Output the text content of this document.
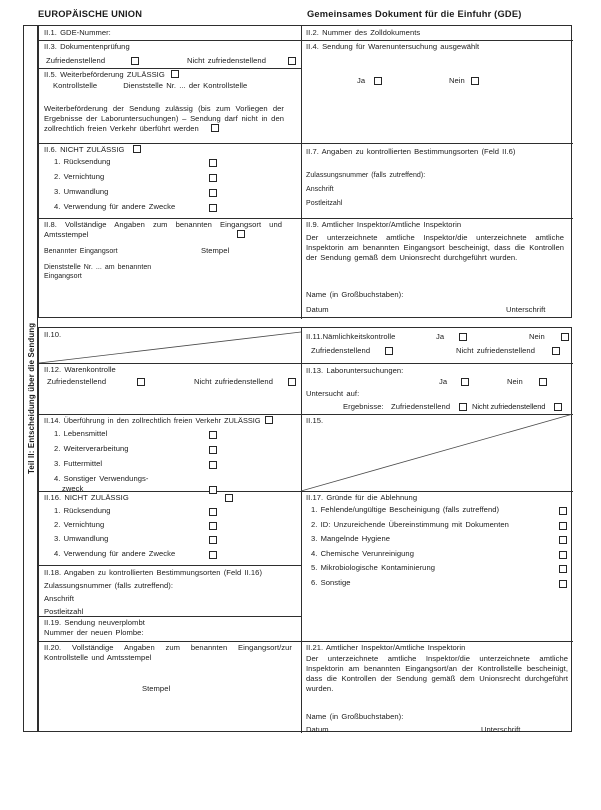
EUROPÄISCHE UNION	Gemeinsames Dokument für die Einfuhr (GDE)
Teil II: Entscheidung über die Sendung
II.1. GDE-Nummer:	II.2. Nummer des Zolldokuments
II.3. Dokumentenprüfung
Zufriedenstellend	Nicht zufriedenstellend
II.4. Sendung für Warenuntersuchung ausgewählt
Ja	Nein
II.5. Weiterbeförderung ZULÄSSIG
Kontrollstelle	Dienststelle Nr. ... der Kontrollstelle
Weiterbeförderung der Sendung zulässig (bis zum Vorliegen der Ergebnisse der Laboruntersuchungen) – Sendung darf nicht in den zollrechtlich freien Verkehr überführt werden
II.6. NICHT ZULÄSSIG
1. Rücksendung
2. Vernichtung
3. Umwandlung
4. Verwendung für andere Zwecke
II.7. Angaben zu kontrollierten Bestimmungsorten (Feld II.6)
Zulassungsnummer (falls zutreffend):
Anschrift
Postleitzahl
II.8. Vollständige Angaben zum benannten Eingangsort und Amtsstempel
Benannter Eingangsort	Stempel
Dienststelle Nr. ... am benannten
Eingangsort
II.9. Amtlicher Inspektor/Amtliche Inspektorin
Der unterzeichnete amtliche Inspektor/die unterzeichnete amtliche Inspektorin am benannten Eingangsort bescheinigt, dass die Kontrollen der Sendung gemäß dem Unionsrecht durchgeführt wurden.
Name (in Großbuchstaben):
Datum	Unterschrift
II.10.	II.11.Nämlichkeitskontrolle	Ja	Nein
Zufriedenstellend	Nicht zufriedenstellend
II.12. Warenkontrolle
Zufriedenstellend	Nicht zufriedenstellend
II.13. Laboruntersuchungen:
Ja	Nein
Untersucht auf:
Ergebnisse: Zufriedenstellend	Nicht zufriedenstellend
II.14. Überführung in den zollrechtlich freien Verkehr ZULÄSSIG
1. Lebensmittel
2. Weiterverarbeitung
3. Futtermittel
4. Sonstiger Verwendungs-
zweck
II.15.
II.16. NICHT ZULÄSSIG
1. Rücksendung
2. Vernichtung
3. Umwandlung
4. Verwendung für andere Zwecke
II.17. Gründe für die Ablehnung
1. Fehlende/ungültige Bescheinigung (falls zutreffend)
2. ID: Unzureichende Übereinstimmung mit Dokumenten
3. Mangelnde Hygiene
4. Chemische Verunreinigung
5. Mikrobiologische Kontaminierung
6. Sonstige
II.18. Angaben zu kontrollierten Bestimmungsorten (Feld II.16)
Zulassungsnummer (falls zutreffend):
Anschrift
Postleitzahl
II.19. Sendung neuverplombt
Nummer der neuen Plombe:
II.20. Vollständige Angaben zum benannten Eingangsort/zur Kontrollstelle und Amtsstempel
Stempel
II.21. Amtlicher Inspektor/Amtliche Inspektorin
Der unterzeichnete amtliche Inspektor/die unterzeichnete amtliche Inspektorin am benannten Eingangsort/an der Kontrollstelle bescheinigt, dass die Kontrollen der Sendung gemäß dem Unionsrecht durchgeführt wurden.
Name (in Großbuchstaben):
Datum	Unterschrift
